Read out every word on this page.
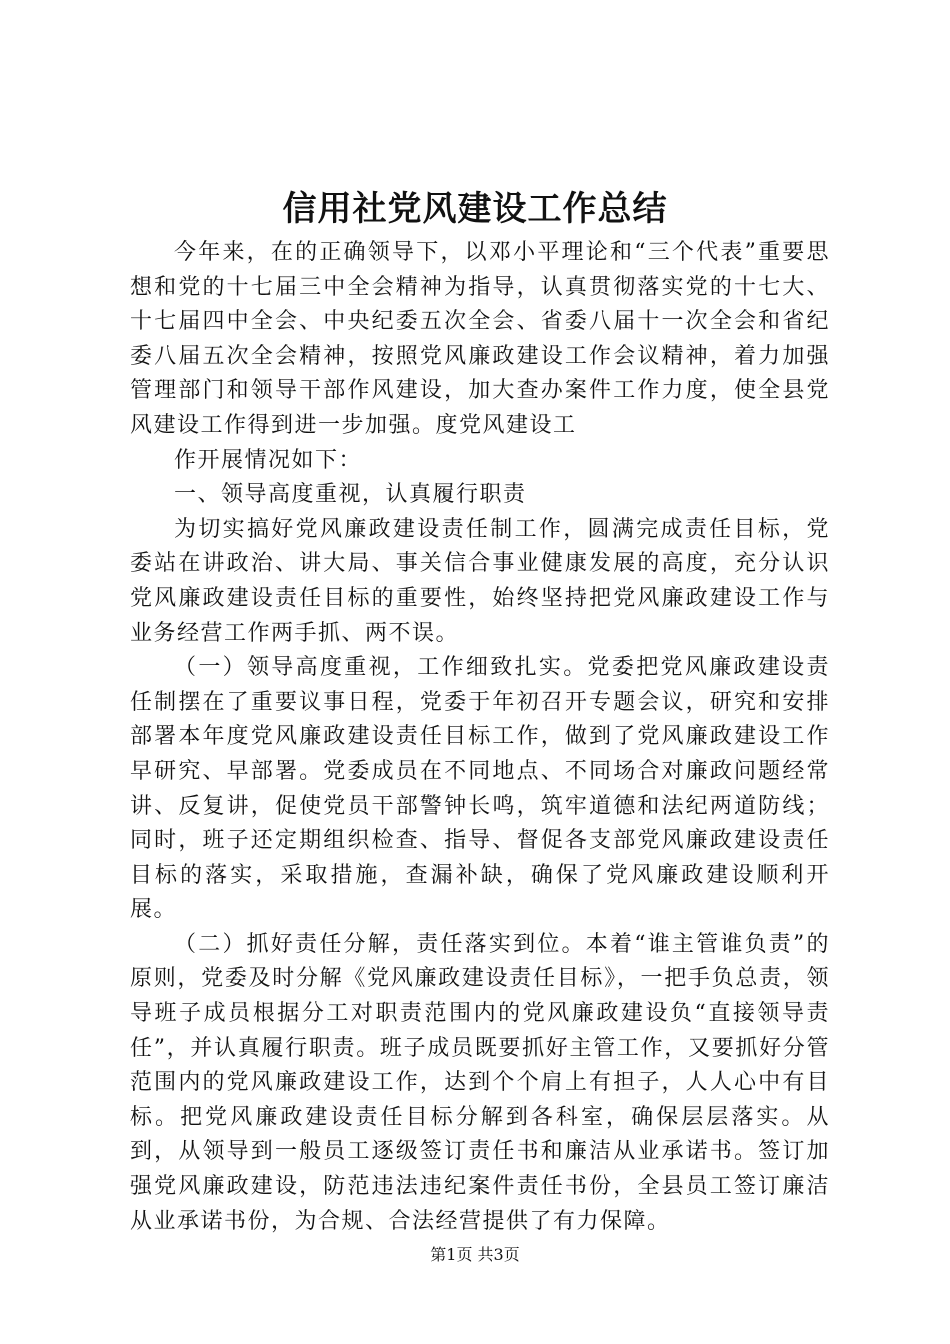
信用社党风建设工作总结

今年来，在的正确领导下，以邓小平理论和“三个代表”重要思想和党的十七届三中全会精神为指导，认真贯彻落实党的十七大、十七届四中全会、中央纪委五次全会、省委八届十一次全会和省纪委八届五次全会精神，按照党风廉政建设工作会议精神，着力加强管理部门和领导干部作风建设，加大查办案件工作力度，使全县党风建设工作得到进一步加强。度党风建设工

作开展情况如下：

一、领导高度重视，认真履行职责

为切实搞好党风廉政建设责任制工作，圆满完成责任目标，党委站在讲政治、讲大局、事关信合事业健康发展的高度，充分认识党风廉政建设责任目标的重要性，始终坚持把党风廉政建设工作与业务经营工作两手抓、两不误。

（一）领导高度重视，工作细致扎实。党委把党风廉政建设责任制摆在了重要议事日程，党委于年初召开专题会议，研究和安排部署本年度党风廉政建设责任目标工作，做到了党风廉政建设工作早研究、早部署。党委成员在不同地点、不同场合对廉政问题经常讲、反复讲，促使党员干部警钟长鸣，筑牢道德和法纪两道防线；同时，班子还定期组织检查、指导、督促各支部党风廉政建设责任目标的落实，采取措施，查漏补缺，确保了党风廉政建设顺利开展。

（二）抓好责任分解，责任落实到位。本着“谁主管谁负责”的原则，党委及时分解《党风廉政建设责任目标》，一把手负总责，领导班子成员根据分工对职责范围内的党风廉政建设负“直接领导责任”，并认真履行职责。班子成员既要抓好主管工作，又要抓好分管范围内的党风廉政建设工作，达到个个肩上有担子，人人心中有目标。把党风廉政建设责任目标分解到各科室，确保层层落实。从到，从领导到一般员工逐级签订责任书和廉洁从业承诺书。签订加强党风廉政建设，防范违法违纪案件责任书份，全县员工签订廉洁从业承诺书份，为合规、合法经营提供了有力保障。

第1页 共3页
